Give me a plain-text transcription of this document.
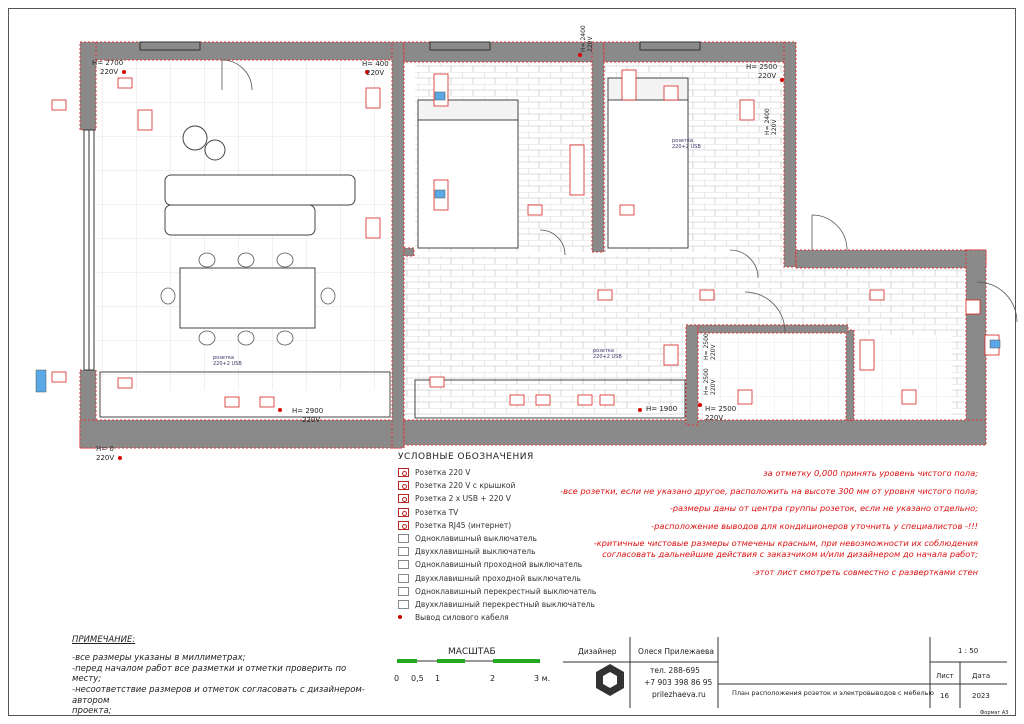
H= 2700
220V
H= 400
220V
H= 2900
220V
H= 0
220V
H= 2400 220V
H= 2500
220V
H= 2400 220V
H= 2500 220V
H= 2500 220V
H= 1900	H= 2500
220V
розетка
220+2 USB
розетка
220+2 USB
розетка
220+2 USB
УСЛОВНЫЕ ОБОЗНАЧЕНИЯ
Розетка 220 V
Розетка 220 V с крышкой
Розетка 2 x USB + 220 V
Розетка TV
Розетка RJ45 (интернет)
Одноклавишный выключатель
Двухклавишный выключатель
Одноклавишный проходной выключатель
Двухклавишный проходной выключатель
Одноклавишный перекрестный выключатель
Двухклавишный перекрестный выключатель
Вывод силового кабеля

за отметку 0,000 принять уровень чистого пола;

-все розетки, если не указано другое, расположить на высоте 300 мм от уровня чистого пола;

-размеры даны от центра группы розеток, если не указано отдельно;

-расположение выводов для кондиционеров уточнить у специалистов -!!!

-критичные чистовые размеры отмечены красным, при невозможности их соблюдения согласовать дальнейшие действия с заказчиком и/или дизайнером до начала работ;

-этот лист смотреть совместно с развертками стен

ПРИМЕЧАНИЕ:
-все размеры указаны в миллиметрах;
-перед началом работ все разметки и отметки проверить по месту;
-несоответствие размеров и отметок согласовать с дизайнером-автором
проекта;
МАСШТАБ
0 0,5 1	2	3 м.
Дизайнер	Олеся Прилежаева
тел. 288-695
+7 903 398 86 95
prilezhaeva.ru	План расположения розеток и электровыводов с мебелью
1 : 50
Лист	Дата
16	2023
Формат А3
